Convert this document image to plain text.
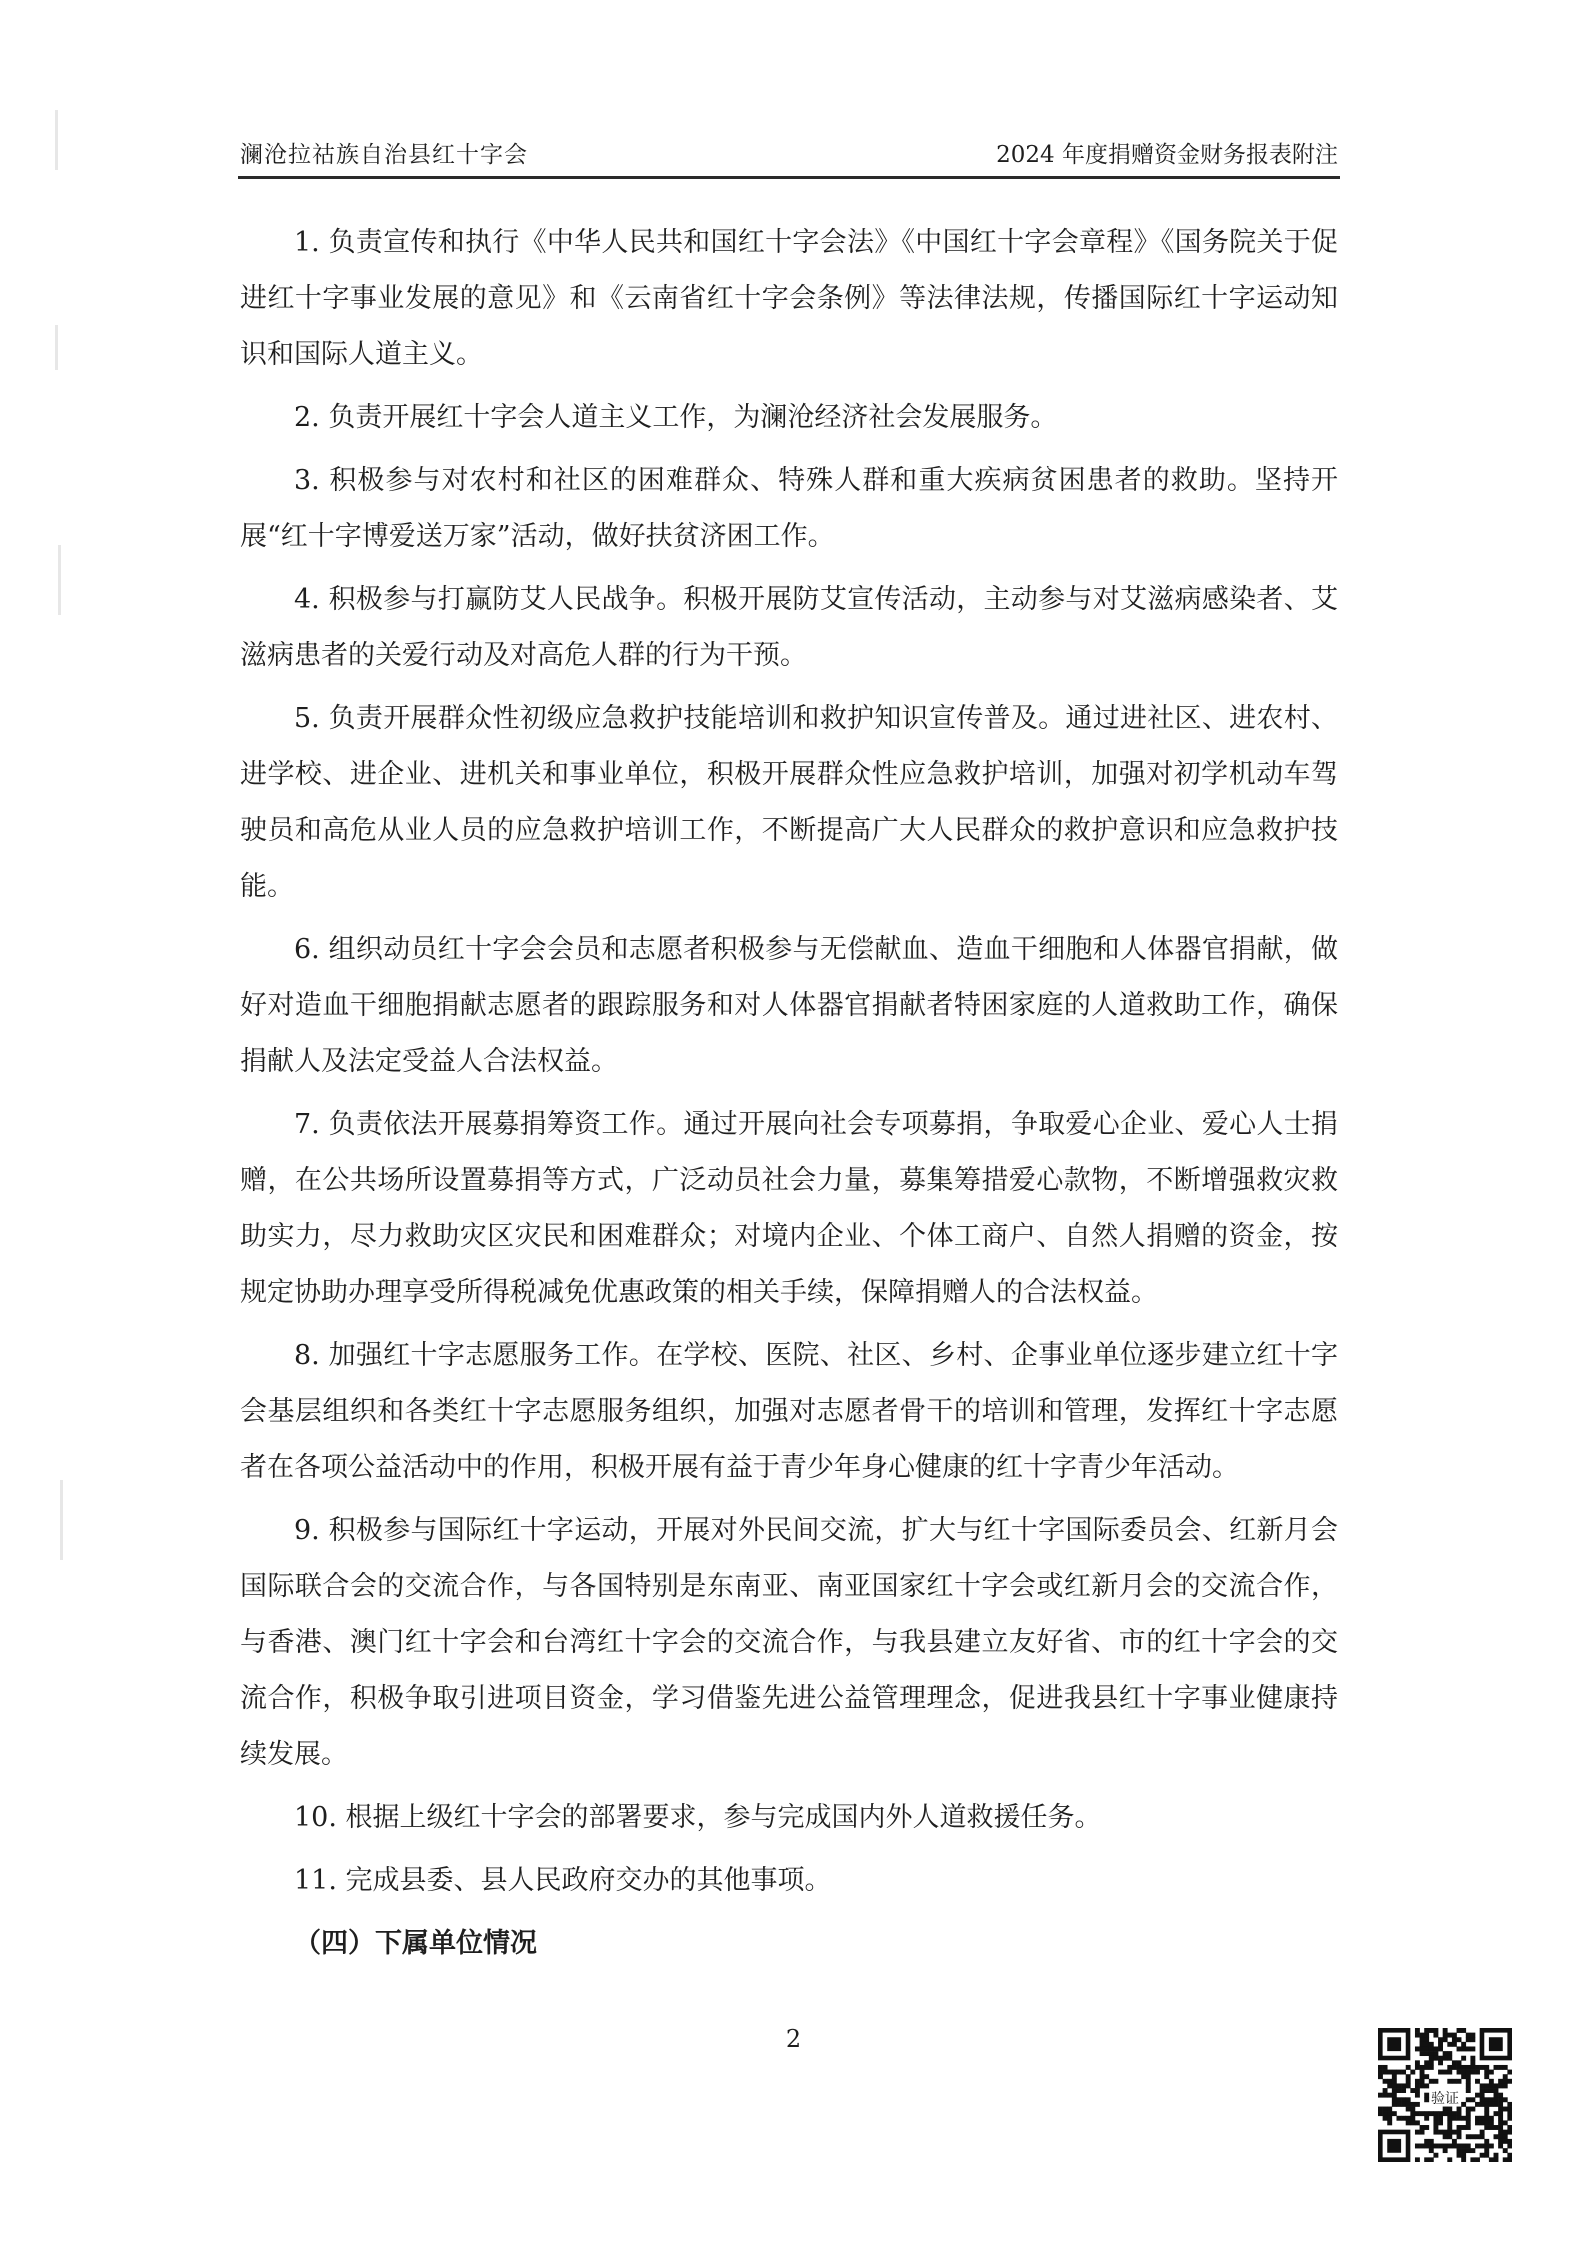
澜沧拉祜族自治县红十字会	2024 年度捐赠资金财务报表附注

1. 负责宣传和执行《中华人民共和国红十字会法》《中国红十字会章程》《国务院关于促进红十字事业发展的意见》和《云南省红十字会条例》等法律法规，传播国际红十字运动知识和国际人道主义。

2. 负责开展红十字会人道主义工作，为澜沧经济社会发展服务。

3. 积极参与对农村和社区的困难群众、特殊人群和重大疾病贫困患者的救助。坚持开展“红十字博爱送万家”活动，做好扶贫济困工作。

4. 积极参与打赢防艾人民战争。积极开展防艾宣传活动，主动参与对艾滋病感染者、艾滋病患者的关爱行动及对高危人群的行为干预。

5. 负责开展群众性初级应急救护技能培训和救护知识宣传普及。通过进社区、进农村、进学校、进企业、进机关和事业单位，积极开展群众性应急救护培训，加强对初学机动车驾驶员和高危从业人员的应急救护培训工作，不断提高广大人民群众的救护意识和应急救护技能。

6. 组织动员红十字会会员和志愿者积极参与无偿献血、造血干细胞和人体器官捐献，做好对造血干细胞捐献志愿者的跟踪服务和对人体器官捐献者特困家庭的人道救助工作，确保捐献人及法定受益人合法权益。

7. 负责依法开展募捐筹资工作。通过开展向社会专项募捐，争取爱心企业、爱心人士捐赠，在公共场所设置募捐等方式，广泛动员社会力量，募集筹措爱心款物，不断增强救灾救助实力，尽力救助灾区灾民和困难群众；对境内企业、个体工商户、自然人捐赠的资金，按规定协助办理享受所得税减免优惠政策的相关手续，保障捐赠人的合法权益。

8. 加强红十字志愿服务工作。在学校、医院、社区、乡村、企事业单位逐步建立红十字会基层组织和各类红十字志愿服务组织，加强对志愿者骨干的培训和管理，发挥红十字志愿者在各项公益活动中的作用，积极开展有益于青少年身心健康的红十字青少年活动。

9. 积极参与国际红十字运动，开展对外民间交流，扩大与红十字国际委员会、红新月会国际联合会的交流合作，与各国特别是东南亚、南亚国家红十字会或红新月会的交流合作，与香港、澳门红十字会和台湾红十字会的交流合作，与我县建立友好省、市的红十字会的交流合作，积极争取引进项目资金，学习借鉴先进公益管理理念，促进我县红十字事业健康持续发展。

10. 根据上级红十字会的部署要求，参与完成国内外人道救援任务。

11. 完成县委、县人民政府交办的其他事项。

（四）下属单位情况

2
验证
